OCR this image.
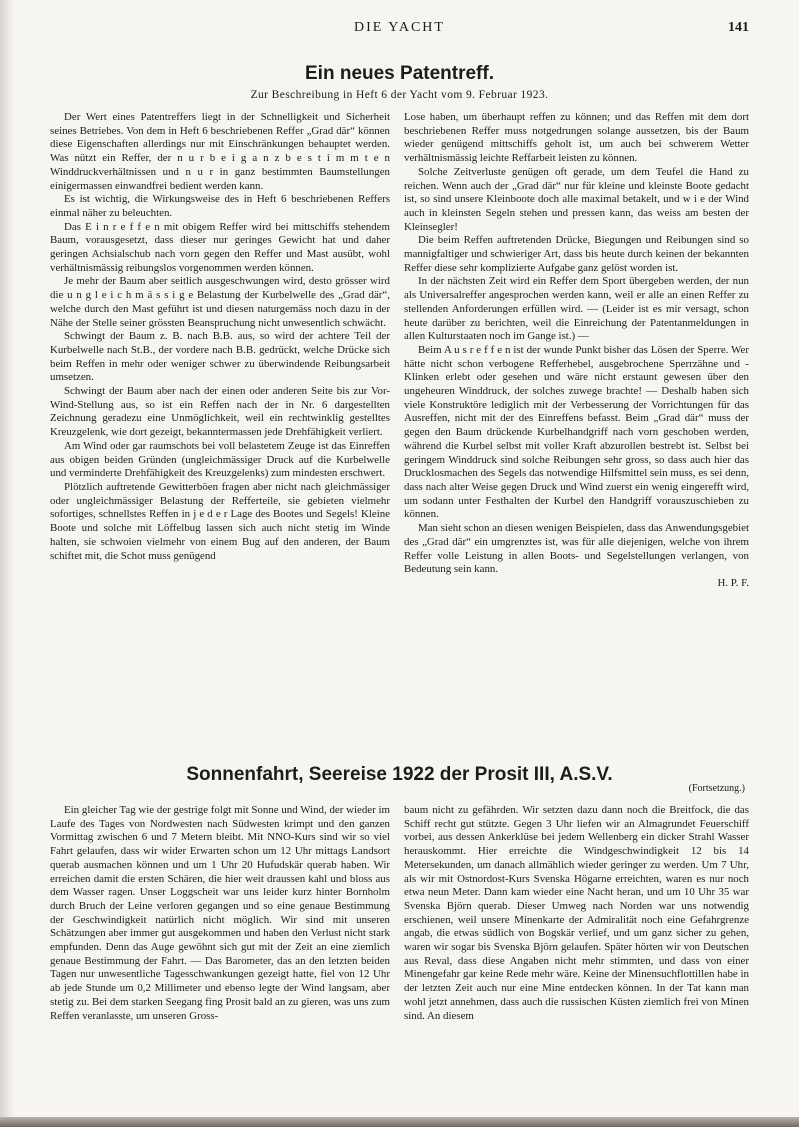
DIE YACHT	141
Ein neues Patentreff.
Zur Beschreibung in Heft 6 der Yacht vom 9. Februar 1923.

Der Wert eines Patentreffers liegt in der Schnelligkeit und Sicherheit seines Betriebes. Von dem in Heft 6 beschriebenen Reffer „Grad där“ können diese Eigenschaften allerdings nur mit Einschränkungen behauptet werden. Was nützt ein Reffer, der n u r b e i g a n z b e s t i m m t e n Winddruckverhältnissen und n u r in ganz bestimmten Baumstellungen einigermassen einwandfrei bedient werden kann.

Es ist wichtig, die Wirkungsweise des in Heft 6 beschriebenen Reffers einmal näher zu beleuchten.

Das E i n r e f f e n mit obigem Reffer wird bei mittschiffs stehendem Baum, vorausgesetzt, dass dieser nur geringes Gewicht hat und daher geringen Achsialschub nach vorn gegen den Reffer und Mast ausübt, wohl verhältnismässig reibungslos vorgenommen werden können.

Je mehr der Baum aber seitlich ausgeschwungen wird, desto grösser wird die u n g l e i c h m ä s s i g e Belastung der Kurbelwelle des „Grad där“, welche durch den Mast geführt ist und diesen naturgemäss noch dazu in der Nähe der Stelle seiner grössten Beanspruchung nicht unwesentlich schwächt.

Schwingt der Baum z. B. nach B.B. aus, so wird der achtere Teil der Kurbelwelle nach St.B., der vordere nach B.B. gedrückt, welche Drücke sich beim Reffen in mehr oder weniger schwer zu überwindende Reibungsarbeit umsetzen.

Schwingt der Baum aber nach der einen oder anderen Seite bis zur Vor-Wind-Stellung aus, so ist ein Reffen nach der in Nr. 6 dargestellten Zeichnung geradezu eine Unmöglichkeit, weil ein rechtwinklig gestelltes Kreuzgelenk, wie dort gezeigt, bekanntermassen jede Drehfähigkeit verliert.

Am Wind oder gar raumschots bei voll belastetem Zeuge ist das Einreffen aus obigen beiden Gründen (ungleichmässiger Druck auf die Kurbelwelle und verminderte Drehfähigkeit des Kreuzgelenks) zum mindesten erschwert.

Plötzlich auftretende Gewitterböen fragen aber nicht nach gleichmässiger oder ungleichmässiger Belastung der Refferteile, sie gebieten vielmehr sofortiges, schnellstes Reffen in j e d e r Lage des Bootes und Segels! Kleine Boote und solche mit Löffelbug lassen sich auch nicht stetig im Winde halten, sie schwoien vielmehr von einem Bug auf den anderen, der Baum schiftet mit, die Schot muss genügend

Lose haben, um überhaupt reffen zu können; und das Reffen mit dem dort beschriebenen Reffer muss notgedrungen solange aussetzen, bis der Baum wieder genügend mittschiffs geholt ist, um auch bei schwerem Wetter verhältnismässig leichte Reffarbeit leisten zu können.

Solche Zeitverluste genügen oft gerade, um dem Teufel die Hand zu reichen. Wenn auch der „Grad där“ nur für kleine und kleinste Boote gedacht ist, so sind unsere Kleinboote doch alle maximal betakelt, und w i e der Wind auch in kleinsten Segeln stehen und pressen kann, das weiss am besten der Kleinsegler!

Die beim Reffen auftretenden Drücke, Biegungen und Reibungen sind so mannigfaltiger und schwieriger Art, dass bis heute durch keinen der bekannten Reffer diese sehr komplizierte Aufgabe ganz gelöst worden ist.

In der nächsten Zeit wird ein Reffer dem Sport übergeben werden, der nun als Universalreffer angesprochen werden kann, weil er alle an einen Reffer zu stellenden Anforderungen erfüllen wird. — (Leider ist es mir versagt, schon heute darüber zu berichten, weil die Einreichung der Patentanmeldungen in allen Kulturstaaten noch im Gange ist.) —

Beim A u s r e f f e n ist der wunde Punkt bisher das Lösen der Sperre. Wer hätte nicht schon verbogene Refferhebel, ausgebrochene Sperrzähne und -Klinken erlebt oder gesehen und wäre nicht erstaunt gewesen über den ungeheuren Winddruck, der solches zuwege brachte! — Deshalb haben sich viele Konstruktöre lediglich mit der Verbesserung der Vorrichtungen für das Ausreffen, nicht mit der des Einreffens befasst. Beim „Grad där“ muss der gegen den Baum drückende Kurbelhandgriff nach vorn geschoben werden, während die Kurbel selbst mit voller Kraft abzurollen bestrebt ist. Selbst bei geringem Winddruck sind solche Reibungen sehr gross, so dass auch hier das Drucklosmachen des Segels das notwendige Hilfsmittel sein muss, es sei denn, dass nach alter Weise gegen Druck und Wind zuerst ein wenig eingerefft wird, um sodann unter Festhalten der Kurbel den Handgriff vorauszuschieben zu können.

Man sieht schon an diesen wenigen Beispielen, dass das Anwendungsgebiet des „Grad där“ ein umgrenztes ist, was für alle diejenigen, welche von ihrem Reffer volle Leistung in allen Boots- und Segelstellungen verlangen, von Bedeutung sein kann.

H. P. F.

Sonnenfahrt, Seereise 1922 der Prosit III, A.S.V.
(Fortsetzung.)

Ein gleicher Tag wie der gestrige folgt mit Sonne und Wind, der wieder im Laufe des Tages von Nordwesten nach Südwesten krimpt und den ganzen Vormittag zwischen 6 und 7 Metern bleibt. Mit NNO-Kurs sind wir so viel Fahrt gelaufen, dass wir wider Erwarten schon um 12 Uhr mittags Landsort querab ausmachen können und um 1 Uhr 20 Hufudskär querab haben. Wir erreichen damit die ersten Schären, die hier weit draussen kahl und bloss aus dem Wasser ragen. Unser Loggscheit war uns leider kurz hinter Bornholm durch Bruch der Leine verloren gegangen und so eine genaue Bestimmung der Geschwindigkeit natürlich nicht möglich. Wir sind mit unseren Schätzungen aber immer gut ausgekommen und haben den Verlust nicht stark empfunden. Denn das Auge gewöhnt sich gut mit der Zeit an eine ziemlich genaue Bestimmung der Fahrt. — Das Barometer, das an den letzten beiden Tagen nur unwesentliche Tagesschwankungen gezeigt hatte, fiel von 12 Uhr ab jede Stunde um 0,2 Millimeter und ebenso legte der Wind langsam, aber stetig zu. Bei dem starken Seegang fing Prosit bald an zu gieren, was uns zum Reffen veranlasste, um unseren Gross-

baum nicht zu gefährden. Wir setzten dazu dann noch die Breitfock, die das Schiff recht gut stützte. Gegen 3 Uhr liefen wir an Almagrundet Feuerschiff vorbei, aus dessen Ankerklüse bei jedem Wellenberg ein dicker Strahl Wasser herauskommt. Hier erreichte die Windgeschwindigkeit 12 bis 14 Metersekunden, um danach allmählich wieder geringer zu werden. Um 7 Uhr, als wir mit Ostnordost-Kurs Svenska Högarne erreichten, waren es nur noch etwa neun Meter. Dann kam wieder eine Nacht heran, und um 10 Uhr 35 war Svenska Björn querab. Dieser Umweg nach Norden war uns notwendig erschienen, weil unsere Minenkarte der Admiralität noch eine Gefahrgrenze angab, die etwas südlich von Bogskär verlief, und um ganz sicher zu gehen, waren wir sogar bis Svenska Björn gelaufen. Später hörten wir von Deutschen aus Reval, dass diese Angaben nicht mehr stimmten, und dass von einer Minengefahr gar keine Rede mehr wäre. Keine der Minensuchflottillen habe in der letzten Zeit auch nur eine Mine entdecken können. In der Tat kann man wohl jetzt annehmen, dass auch die russischen Küsten ziemlich frei von Minen sind. An diesem
